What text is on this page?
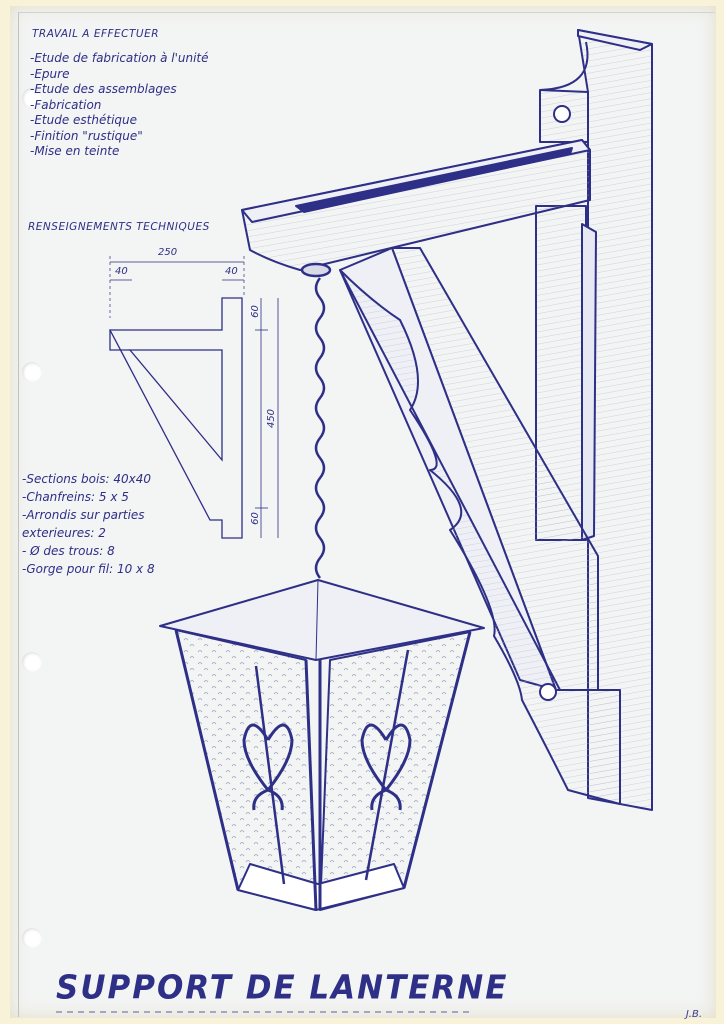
TRAVAIL A EFFECTUER
-Etude de fabrication à l'unité
-Epure
-Etude des assemblages
-Fabrication
-Etude esthétique
-Finition "rustique"
-Mise en teinte
RENSEIGNEMENTS TECHNIQUES
250
40	40
60
450
60
-Sections bois: 40x40
-Chanfreins: 5 x 5
-Arrondis sur parties
exterieures: 2
- Ø des trous: 8
-Gorge pour fil: 10 x 8
SUPPORT DE LANTERNE
J.B.
